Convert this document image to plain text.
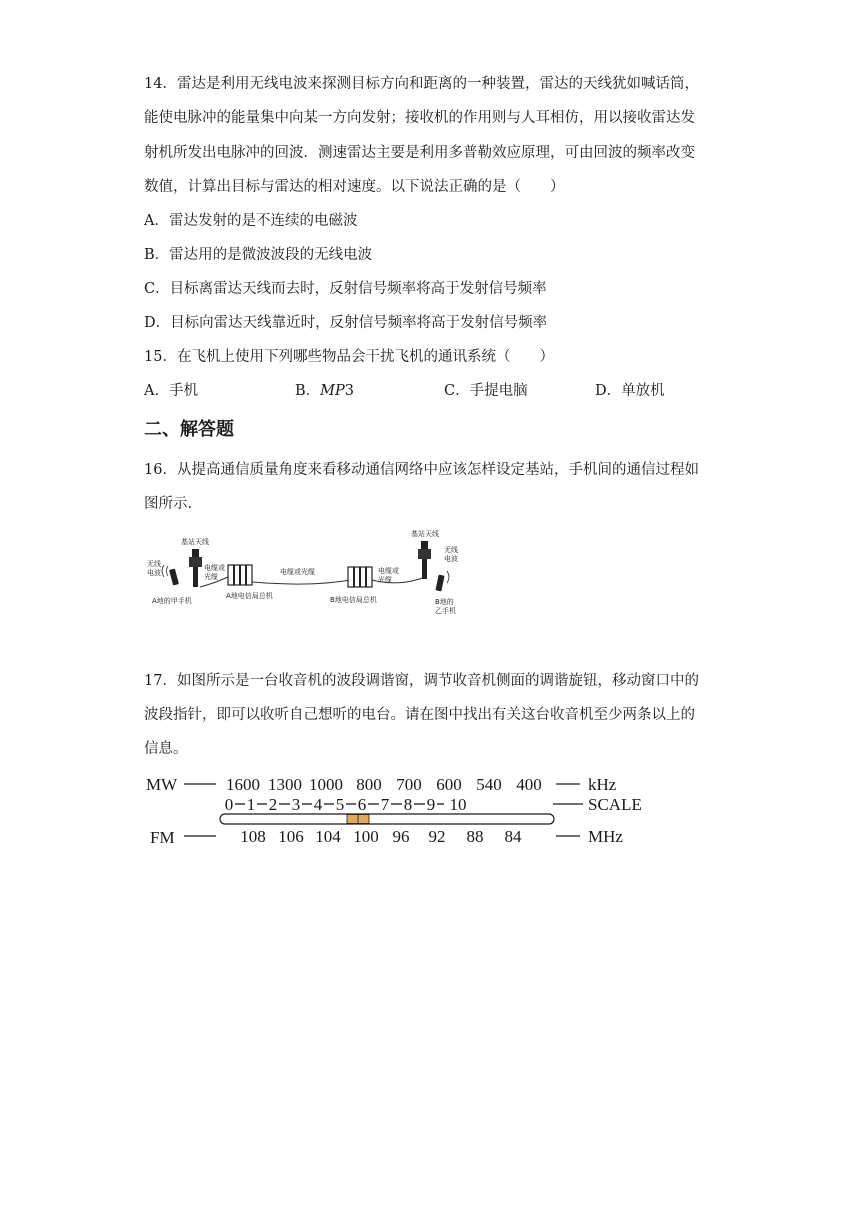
14．雷达是利用无线电波来探测目标方向和距离的一种装置，雷达的天线犹如喊话筒，
能使电脉冲的能量集中向某一方向发射；接收机的作用则与人耳相仿，用以接收雷达发
射机所发出电脉冲的回波．测速雷达主要是利用多普勒效应原理，可由回波的频率改变
数值，计算出目标与雷达的相对速度。以下说法正确的是（　　）
A．雷达发射的是不连续的电磁波
B．雷达用的是微波波段的无线电波
C．目标离雷达天线而去时，反射信号频率将高于发射信号频率
D．目标向雷达天线靠近时，反射信号频率将高于发射信号频率
15．在飞机上使用下列哪些物品会干扰飞机的通讯系统（　　）
A．手机	B．MP3	C．手提电脑	D．单放机
二、解答题
16．从提高通信质量角度来看移动通信网络中应该怎样设定基站，手机间的通信过程如
图所示.
基站天线
无线
电波
电缆或
光缆
A地的甲手机
A地电信局总机
电缆或光缆
B地电信局总机
电缆或
光缆
基站天线
无线
电波
B地的
乙手机
17．如图所示是一台收音机的波段调谐窗，调节收音机侧面的调谐旋钮，移动窗口中的
波段指针，即可以收听自己想听的电台。请在图中找出有关这台收音机至少两条以上的
信息。
MW	1600 1300 1000 800 700 600 540 400	kHz
0 1 2 3 4 5 6 7 8 9 10	SCALE
FM	108 106 104 100 96 92 88 84	MHz
